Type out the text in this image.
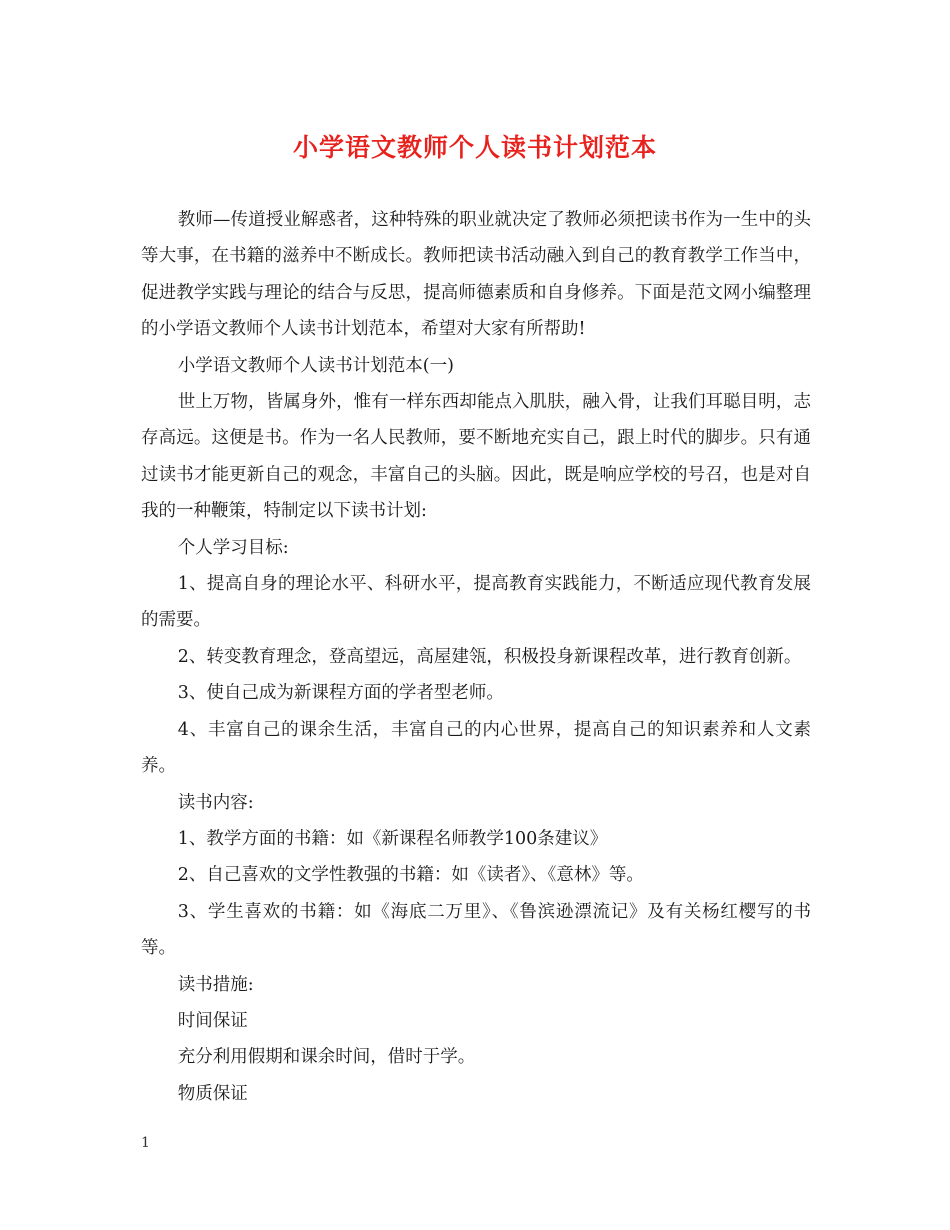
小学语文教师个人读书计划范本

教师—传道授业解惑者，这种特殊的职业就决定了教师必须把读书作为一生中的头等大事，在书籍的滋养中不断成长。教师把读书活动融入到自己的教育教学工作当中，促进教学实践与理论的结合与反思，提高师德素质和自身修养。下面是范文网小编整理的小学语文教师个人读书计划范本，希望对大家有所帮助!

小学语文教师个人读书计划范本(一)

世上万物，皆属身外，惟有一样东西却能点入肌肤，融入骨，让我们耳聪目明，志存高远。这便是书。作为一名人民教师，要不断地充实自己，跟上时代的脚步。只有通过读书才能更新自己的观念，丰富自己的头脑。因此，既是响应学校的号召，也是对自我的一种鞭策，特制定以下读书计划:

个人学习目标:

1、提高自身的理论水平、科研水平，提高教育实践能力，不断适应现代教育发展的需要。

2、转变教育理念，登高望远，高屋建瓴，积极投身新课程改革，进行教育创新。

3、使自己成为新课程方面的学者型老师。

4、丰富自己的课余生活，丰富自己的内心世界，提高自己的知识素养和人文素养。

读书内容:

1、教学方面的书籍：如《新课程名师教学100条建议》

2、自己喜欢的文学性教强的书籍：如《读者》、《意林》等。

3、学生喜欢的书籍：如《海底二万里》、《鲁滨逊漂流记》及有关杨红樱写的书等。

读书措施:

时间保证

充分利用假期和课余时间，借时于学。

物质保证

1
